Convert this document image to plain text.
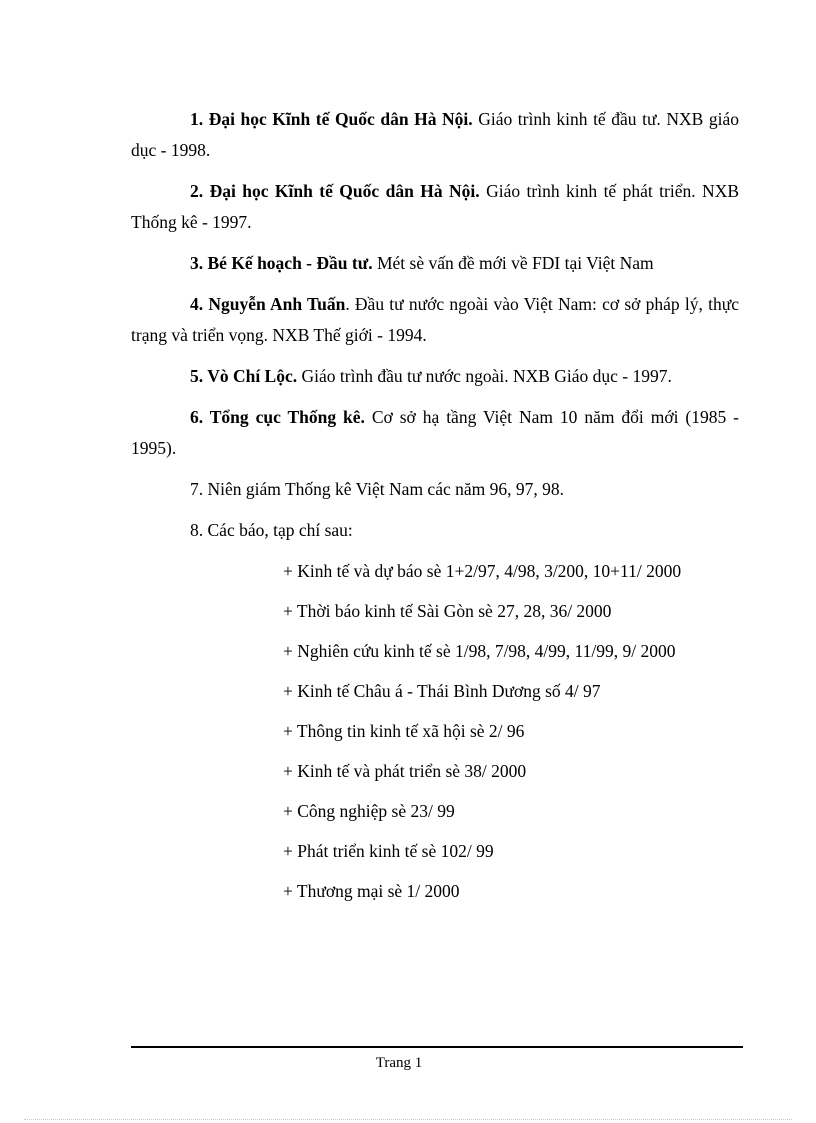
1. Đại học Kĩnh tế Quốc dân Hà Nội. Giáo trình kinh tế đầu tư. NXB giáo dục - 1998.

2. Đại học Kĩnh tế Quốc dân Hà Nội. Giáo trình kinh tế phát triển. NXB Thống kê - 1997.

3. Bé Kế hoạch - Đầu tư. Mét sè vấn đề mới về FDI tại Việt Nam

4. Nguyễn Anh Tuấn. Đầu tư nước ngoài vào Việt Nam: cơ sở pháp lý, thực trạng và triển vọng. NXB Thế giới - 1994.

5. Vò Chí Lộc. Giáo trình đầu tư nước ngoài. NXB Giáo dục - 1997.

6. Tổng cục Thống kê. Cơ sở hạ tầng Việt Nam 10 năm đổi mới (1985 - 1995).

7. Niên giám Thống kê Việt Nam các năm 96, 97, 98.

8. Các báo, tạp chí sau:

+ Kinh tế và dự báo sè 1+2/97, 4/98, 3/200, 10+11/ 2000
+ Thời báo kinh tế Sài Gòn sè 27, 28, 36/ 2000
+ Nghiên cứu kinh tế sè 1/98, 7/98, 4/99, 11/99, 9/ 2000
+ Kinh tế Châu á - Thái Bình Dương số 4/ 97
+ Thông tin kinh tế xã hội sè 2/ 96
+ Kinh tế và phát triển sè 38/ 2000
+ Công nghiệp sè 23/ 99
+ Phát triển kinh tế sè 102/ 99
+ Thương mại sè 1/ 2000
Trang 1
